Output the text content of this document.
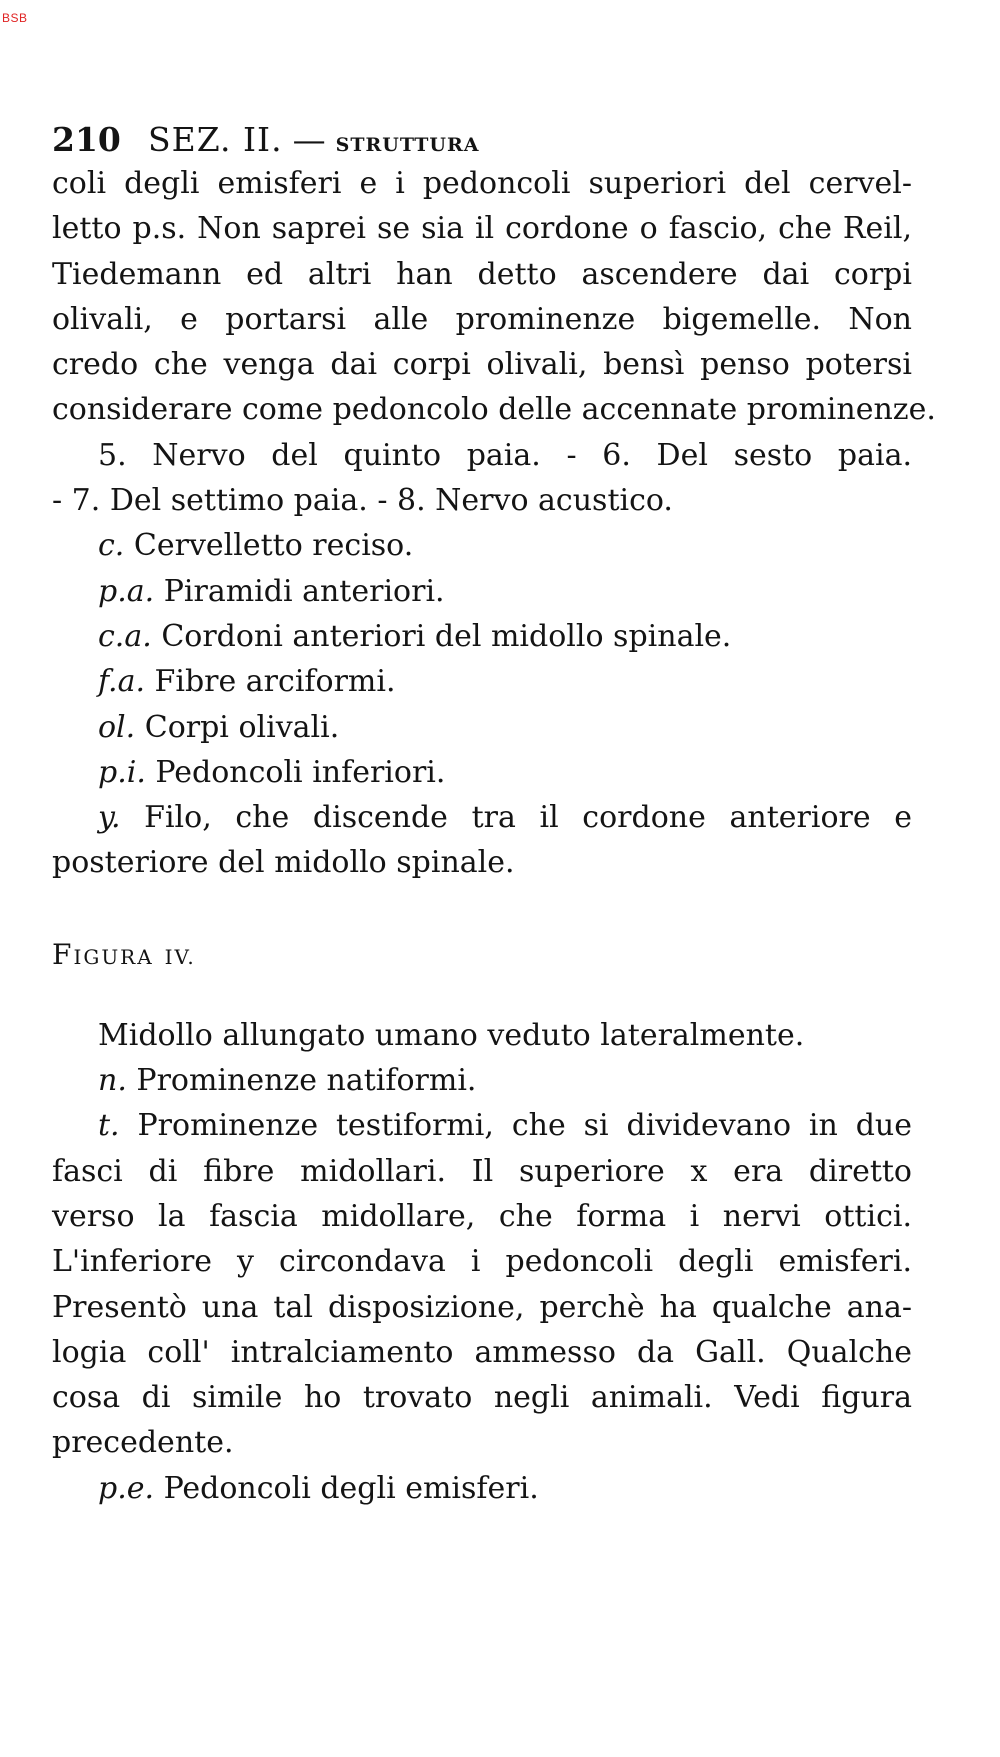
BSB
210 SEZ. II. — STRUTTURA
coli degli emisferi e i pedoncoli superiori del cervel-
letto p.s. Non saprei se sia il cordone o fascio, che Reil,
Tiedemann ed altri han detto ascendere dai corpi
olivali, e portarsi alle prominenze bigemelle. Non
credo che venga dai corpi olivali, bensì penso potersi
considerare come pedoncolo delle accennate prominenze.
5. Nervo del quinto paia. - 6. Del sesto paia.
- 7. Del settimo paia. - 8. Nervo acustico.
c. Cervelletto reciso.
p.a. Piramidi anteriori.
c.a. Cordoni anteriori del midollo spinale.
f.a. Fibre arciformi.
ol. Corpi olivali.
p.i. Pedoncoli inferiori.
y. Filo, che discende tra il cordone anteriore e
posteriore del midollo spinale.
FIGURA IV.
Midollo allungato umano veduto lateralmente.
n. Prominenze natiformi.
t. Prominenze testiformi, che si dividevano in due
fasci di fibre midollari. Il superiore x era diretto
verso la fascia midollare, che forma i nervi ottici.
L'inferiore y circondava i pedoncoli degli emisferi.
Presentò una tal disposizione, perchè ha qualche ana-
logia coll' intralciamento ammesso da Gall. Qualche
cosa di simile ho trovato negli animali. Vedi figura
precedente.
p.e. Pedoncoli degli emisferi.
